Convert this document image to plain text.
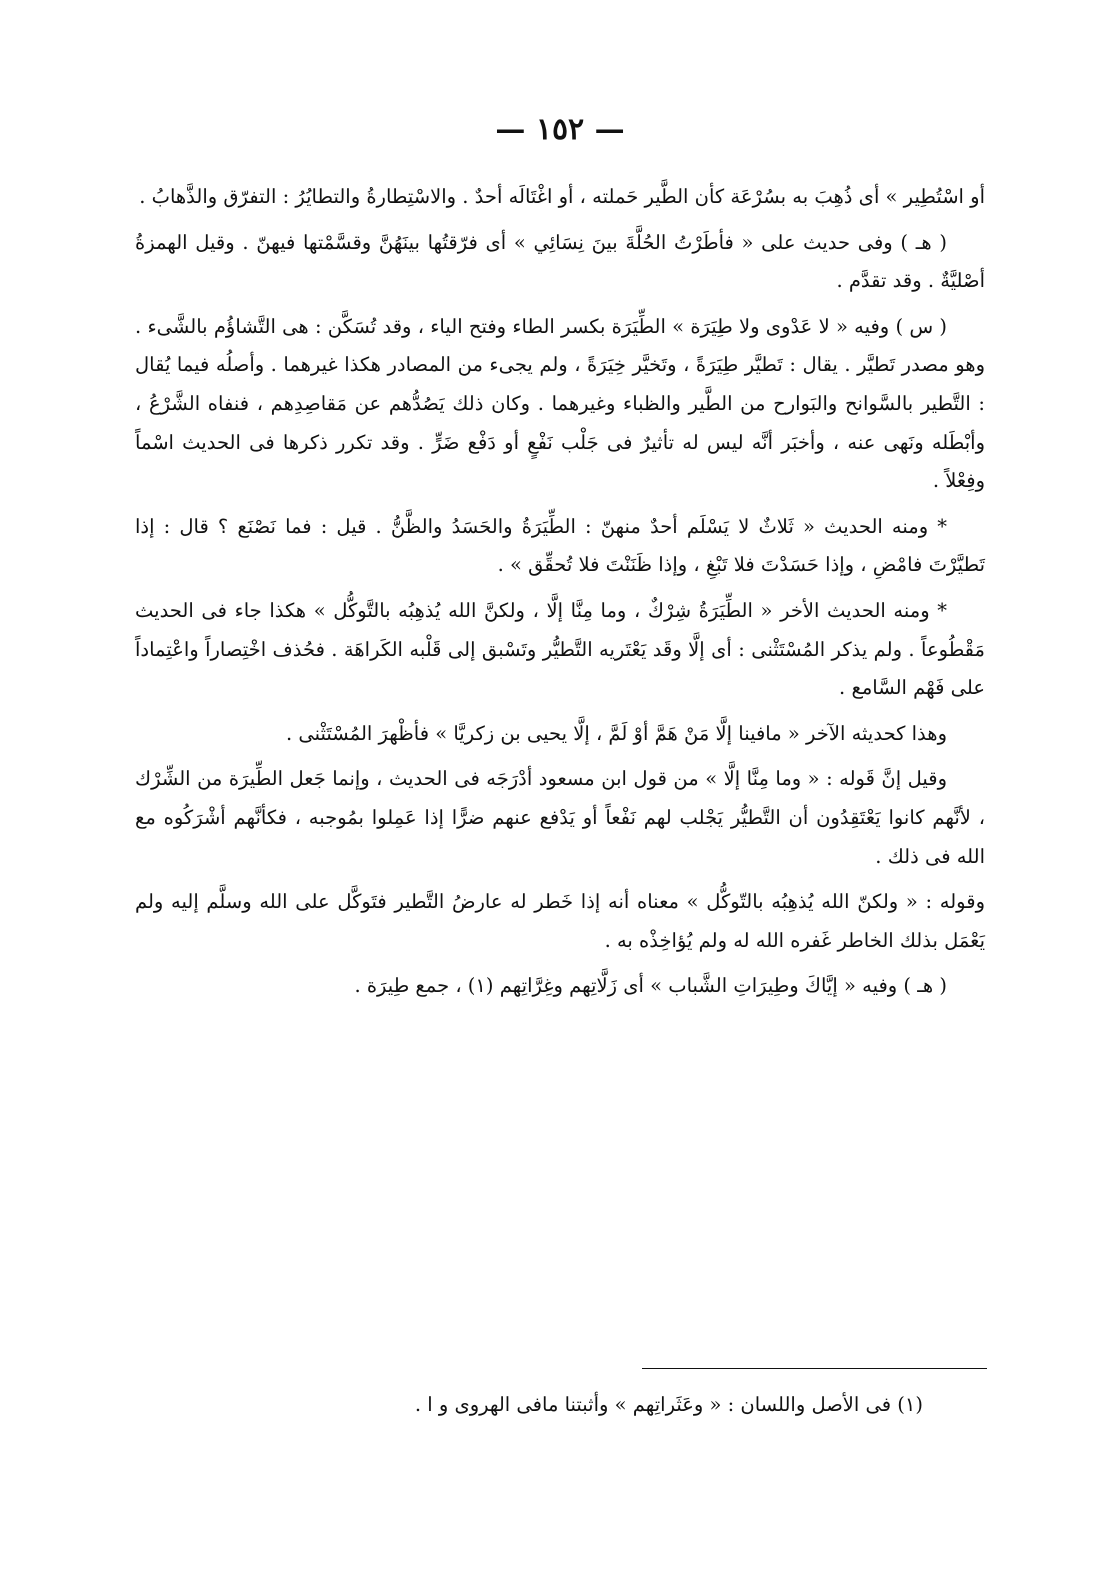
— ١٥٢ —

أو اسْتُطِير » أى ذُهِبَ به بسُرْعَة كأن الطَّير حَملته ، أو اغْتَالَه أحدٌ . والاسْتِطارةُ والتطايُرُ : التفرّق والذَّهابُ .

( هـ ) وفى حديث على « فأطَرْتُ الحُلَّةَ بينَ نِسَائِي » أى فرّقتُها بينَهُنَّ وقسَّمْتها فيهنّ . وقيل الهمزةُ أصْليَّةٌ . وقد تقدَّم .

( س ) وفيه « لا عَدْوى ولا طِيَرَة » الطِّيَرَة بكسر الطاء وفتح الياء ، وقد تُسَكَّن : هى التَّشاؤُم بالشَّىء . وهو مصدر تَطيَّر . يقال : تَطيَّر طِيَرَةً ، وتَخيَّر خِيَرَةً ، ولم يجىء من المصادر هكذا غيرهما . وأصلُه فيما يُقال : التَّطير بالسَّوانح والبَوارح من الطَّير والظباء وغيرهما . وكان ذلك يَصُدُّهم عن مَقاصِدِهم ، فنفاه الشَّرْعُ ، وأبْطَله ونَهى عنه ، وأخبَر أنَّه ليس له تأثيرٌ فى جَلْب نَفْعٍ أو دَفْع ضَرٍّ . وقد تكرر ذكرها فى الحديث اسْماً وفِعْلاً .

* ومنه الحديث « ثَلاثٌ لا يَسْلَم أحدٌ منهنّ : الطِّيَرَةُ والحَسَدُ والظَّنُّ . قيل : فما نَصْنَع ؟ قال : إذا تَطيَّرْتَ فامْضِ ، وإذا حَسَدْتَ فلا تَبْغِ ، وإذا ظَنَنْتَ فلا تُحقِّق » .

* ومنه الحديث الأخر « الطِّيَرَةُ شِرْكٌ ، وما مِنَّا إلَّا ، ولكنَّ الله يُذهِبُه بالتَّوكُّل » هكذا جاء فى الحديث مَقْطُوعاً . ولم يذكر المُسْتَثْنى : أى إلَّا وقَد يَعْتَريه التَّطيُّر وتَسْبق إلى قَلْبه الكَراهَة . فحُذف اخْتِصاراً واعْتِماداً على فَهْم السَّامع .

وهذا كحديثه الآخر « مافينا إلَّا مَنْ هَمَّ أوْ لَمَّ ، إلَّا يحيى بن زكريَّا » فأظْهرَ المُسْتَثْنى .

وقيل إنَّ قَوله : « وما مِنَّا إلَّا » من قول ابن مسعود أدْرَجَه فى الحديث ، وإنما جَعل الطِّيرَة من الشِّرْك ، لأنَّهم كانوا يَعْتَقِدُون أن التَّطيُّر يَجْلب لهم نَفْعاً أو يَدْفع عنهم ضرًّا إذا عَمِلوا بمُوجبه ، فكأنَّهم أشْرَكُوه مع الله فى ذلك .

وقوله : « ولكنّ الله يُذهِبُه بالتّوكُّل » معناه أنه إذا خَطر له عارضُ التَّطير فتَوكَّل على الله وسلَّم إليه ولم يَعْمَل بذلك الخاطر غَفره الله له ولم يُؤاخِذْه به .

( هـ ) وفيه « إيَّاكَ وطِيرَاتِ الشَّباب » أى زَلَّاتِهم وغِرَّاتِهم (١) ، جمع طِيرَة .

(١) فى الأصل واللسان : « وعَثَراتِهم » وأثبتنا مافى الهروى و ا .
